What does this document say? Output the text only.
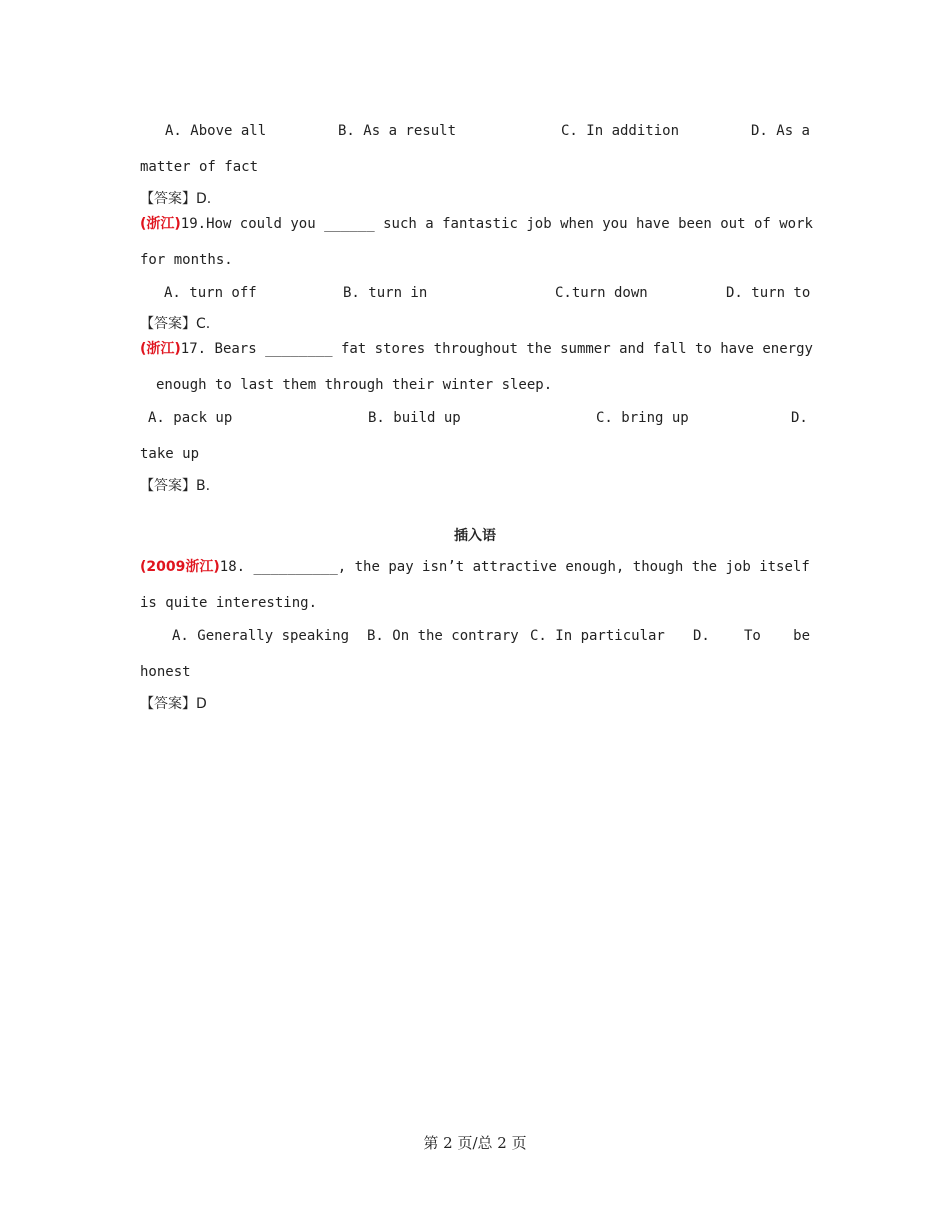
A. Above all	B. As a result	C. In addition	D. As a
matter of fact
【答案】D.
(浙江)19.How could you ______ such a fantastic job when you have been out of work
for months.
A. turn off	B. turn in	C.turn down	D. turn to
【答案】C.
(浙江)17. Bears ________ fat stores throughout the summer and fall to have energy
enough to last them through their winter sleep.
A. pack up	B. build up	C. bring up	D.
take up
【答案】B.
插入语
(2009浙江)18. __________, the pay isn’t attractive enough, though the job itself
is quite interesting.
A. Generally speaking B. On the contrary C. In particular D. To be
honest
【答案】D
第 2 页/总 2 页
